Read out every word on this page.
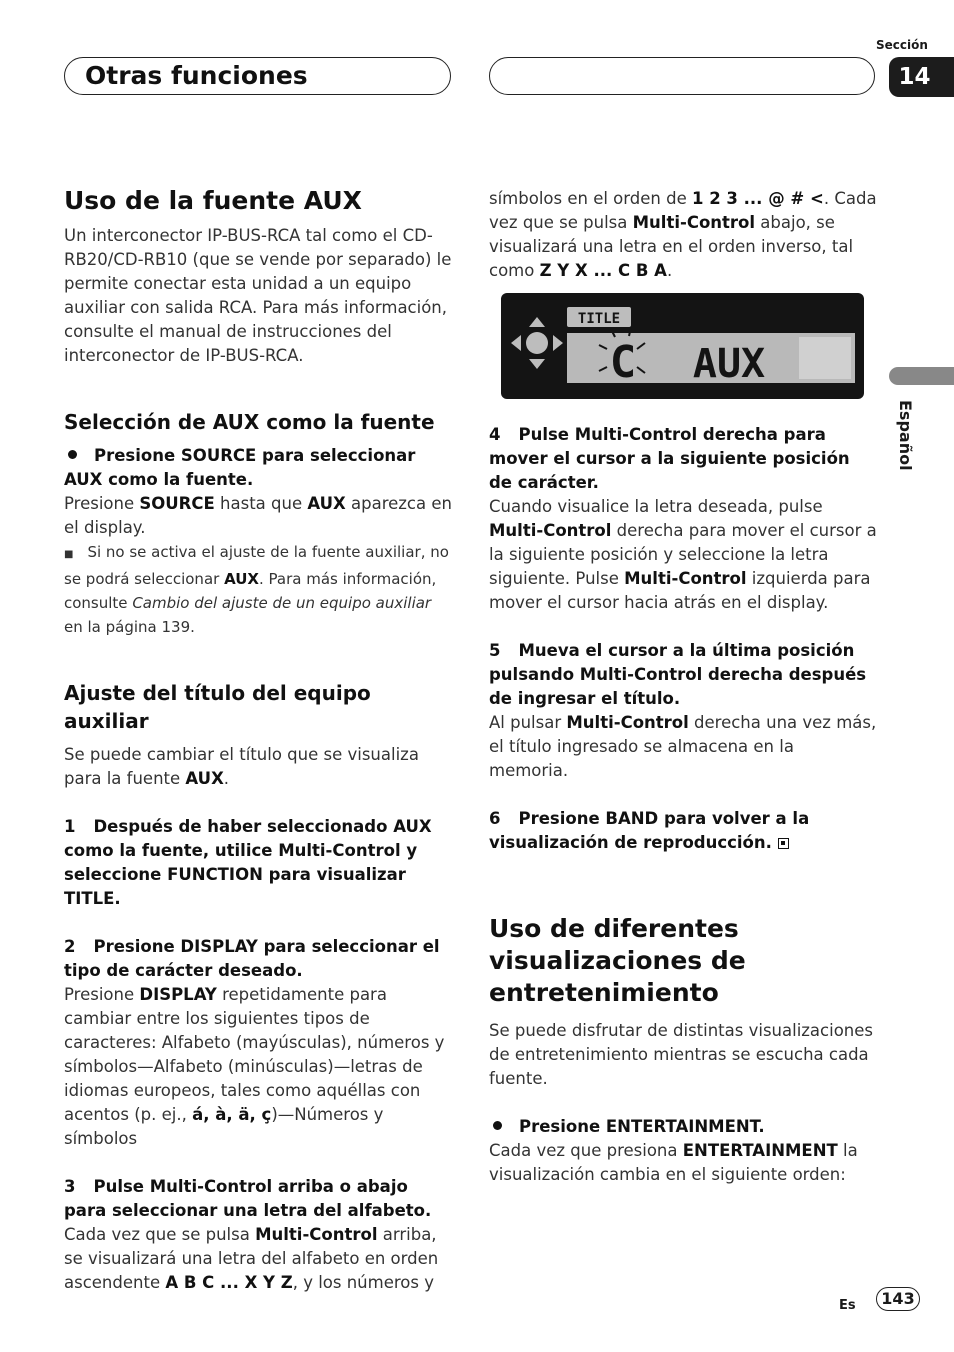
Otras funciones
Sección
14
Español
Uso de la fuente AUX

Un interconector IP-BUS-RCA tal como el CD-RB20/CD-RB10 (que se vende por separado) le permite conectar esta unidad a un equipo auxiliar con salida RCA. Para más información, consulte el manual de instrucciones del interconector de IP-BUS-RCA.

Selección de AUX como la fuente

Presione SOURCE para seleccionar AUX como la fuente.

Presione SOURCE hasta que AUX aparezca en el display.

■ Si no se activa el ajuste de la fuente auxiliar, no se podrá seleccionar AUX. Para más información, consulte Cambio del ajuste de un equipo auxiliar en la página 139.

Ajuste del título del equipo auxiliar

Se puede cambiar el título que se visualiza para la fuente AUX.

1 Después de haber seleccionado AUX como la fuente, utilice Multi-Control y seleccione FUNCTION para visualizar TITLE.

2 Presione DISPLAY para seleccionar el tipo de carácter deseado.

Presione DISPLAY repetidamente para cambiar entre los siguientes tipos de caracteres: Alfabeto (mayúsculas), números y símbolos—Alfabeto (minúsculas)—letras de idiomas europeos, tales como aquéllas con acentos (p. ej., á, à, ä, ç)—Números y símbolos

3 Pulse Multi-Control arriba o abajo para seleccionar una letra del alfabeto.

Cada vez que se pulsa Multi-Control arriba, se visualizará una letra del alfabeto en orden ascendente A B C ... X Y Z, y los números y

símbolos en el orden de 1 2 3 ... @ # <. Cada vez que se pulsa Multi-Control abajo, se visualizará una letra en el orden inverso, tal como Z Y X ... C B A.

TITLE
C AUX

4 Pulse Multi-Control derecha para mover el cursor a la siguiente posición de carácter.

Cuando visualice la letra deseada, pulse Multi-Control derecha para mover el cursor a la siguiente posición y seleccione la letra siguiente. Pulse Multi-Control izquierda para mover el cursor hacia atrás en el display.

5 Mueva el cursor a la última posición pulsando Multi-Control derecha después de ingresar el título.

Al pulsar Multi-Control derecha una vez más, el título ingresado se almacena en la memoria.

6 Presione BAND para volver a la visualización de reproducción.

Uso de diferentes visualizaciones de entretenimiento

Se puede disfrutar de distintas visualizaciones de entretenimiento mientras se escucha cada fuente.

Presione ENTERTAINMENT.

Cada vez que presiona ENTERTAINMENT la visualización cambia en el siguiente orden:

Es	143
